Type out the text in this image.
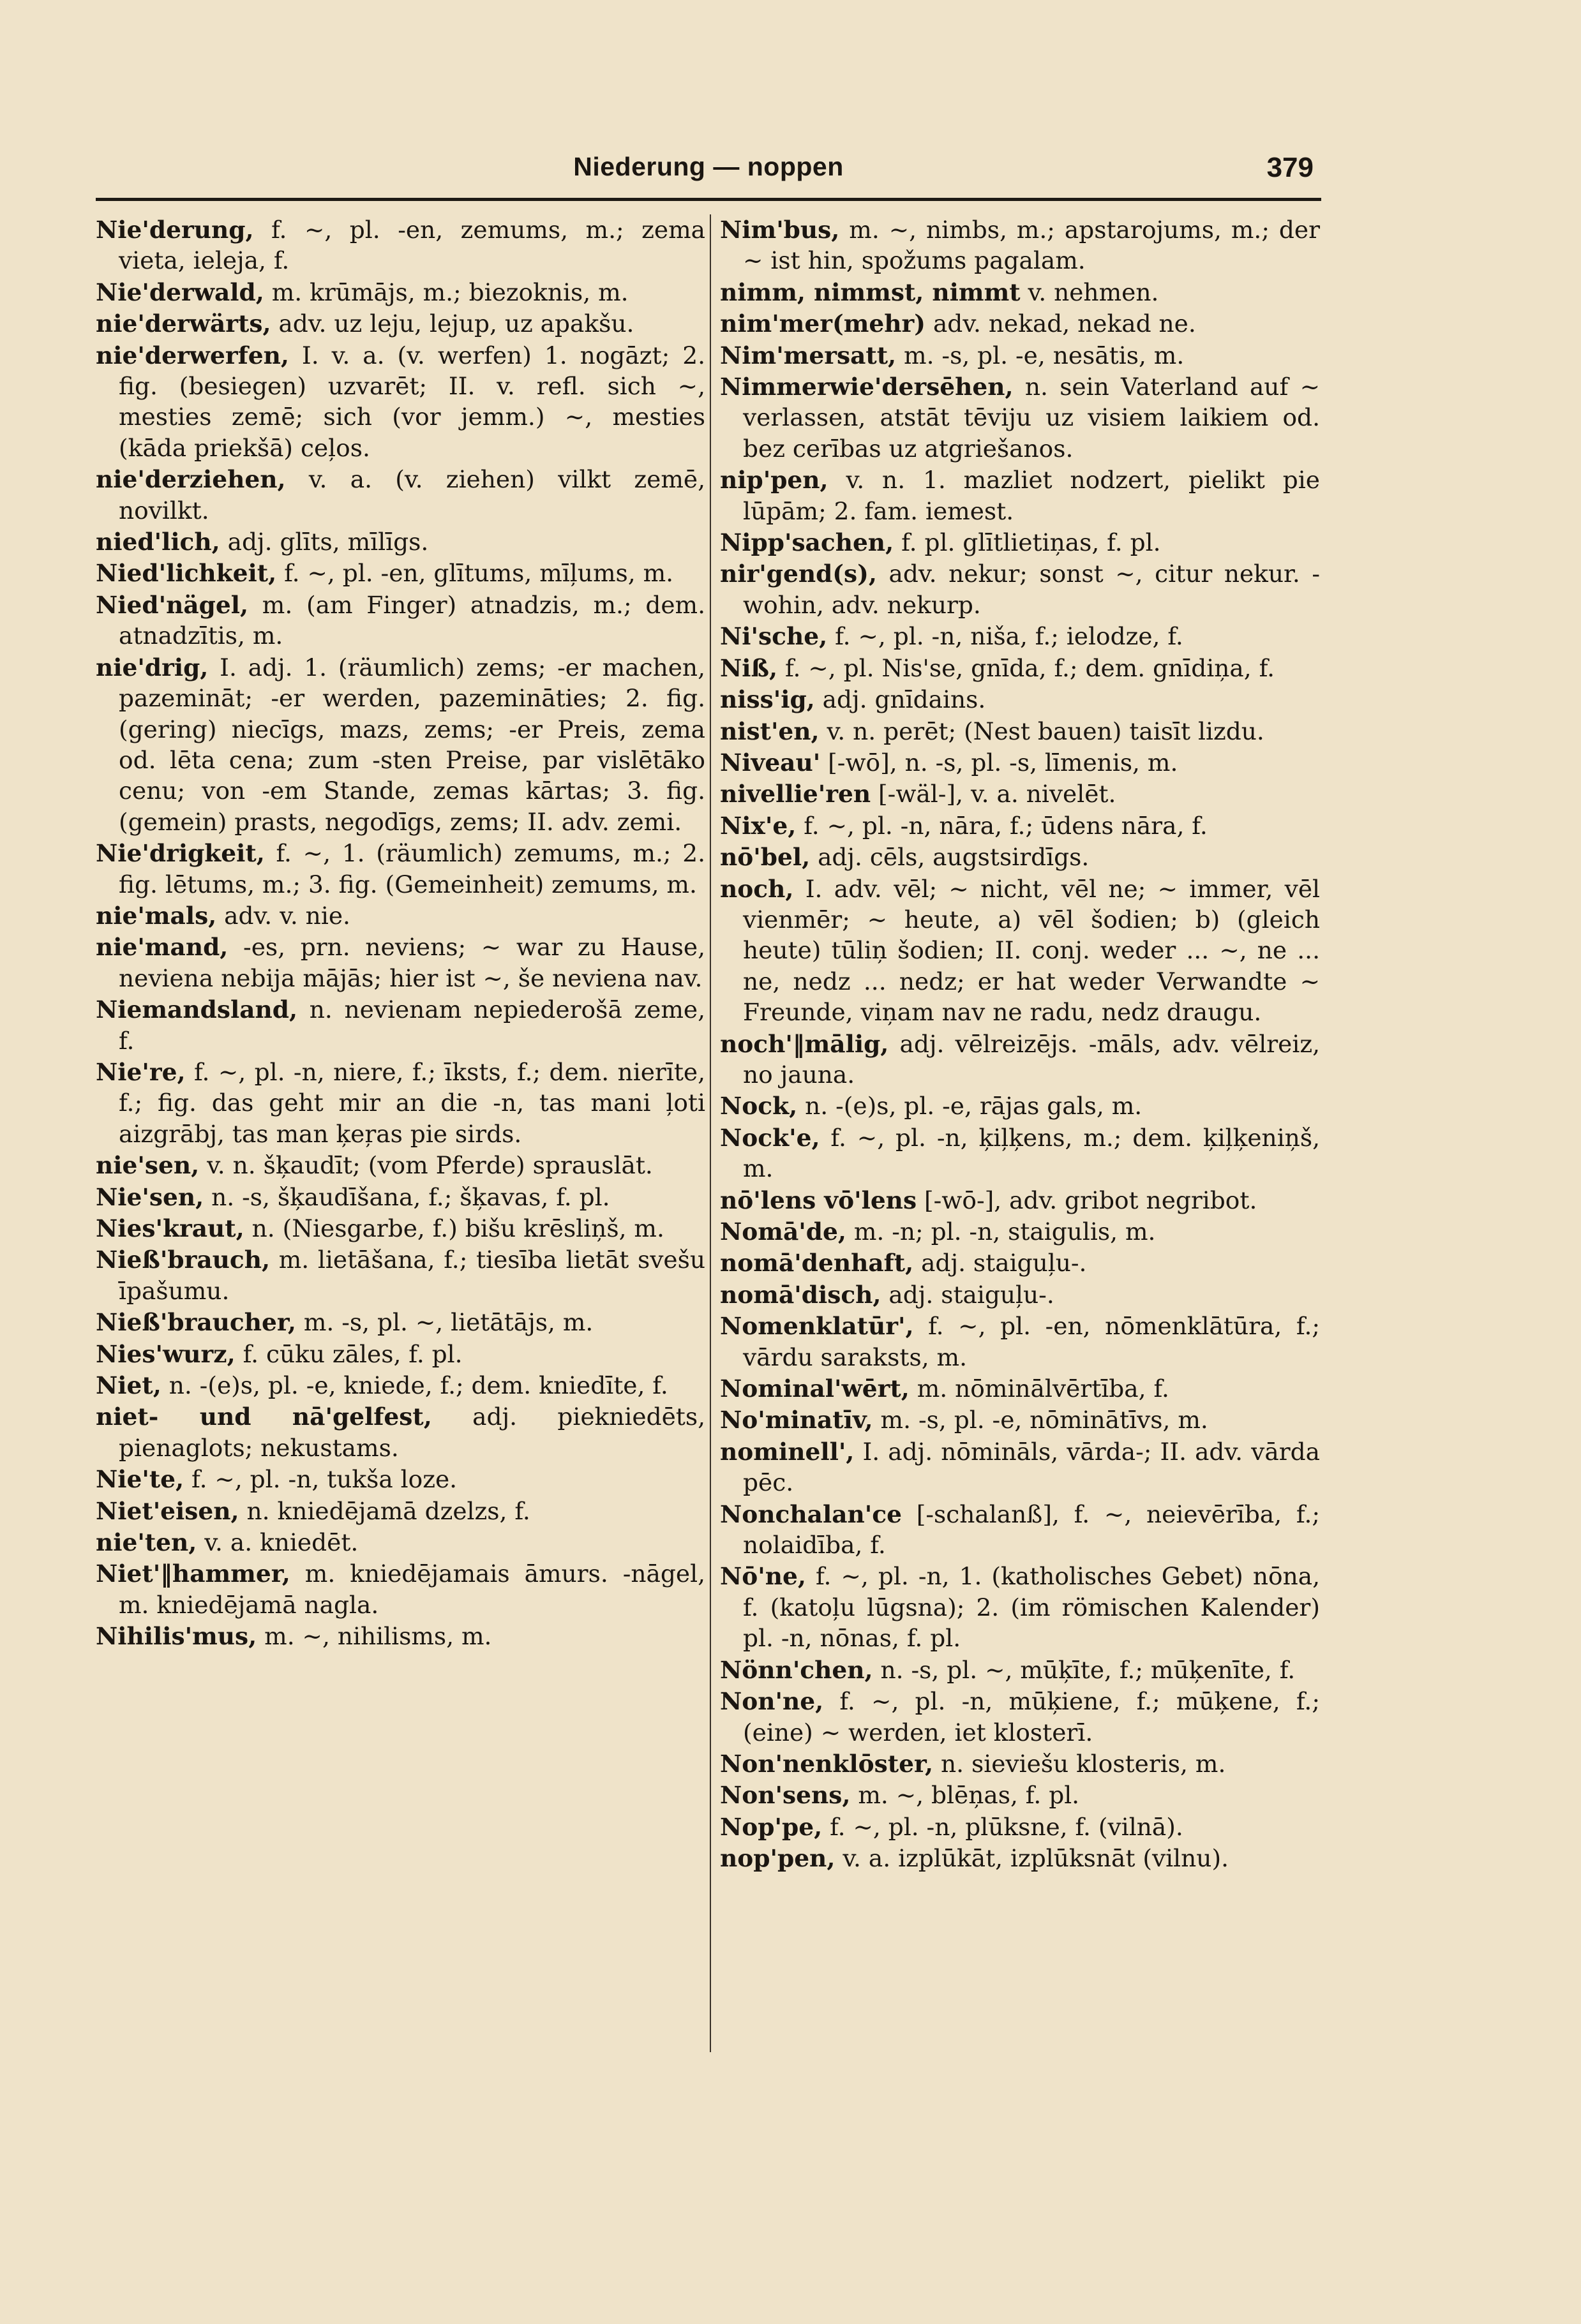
Niederung — noppen	379

Nie'derung, f. ~, pl. -en, zemums, m.; zema vieta, ieleja, f.

Nie'derwald, m. krūmājs, m.; biezoknis, m.

nie'derwärts, adv. uz leju, lejup, uz apakšu.

nie'derwerfen, I. v. a. (v. werfen) 1. nogāzt; 2. fig. (besiegen) uzvarēt; II. v. refl. sich ~, mesties zemē; sich (vor jemm.) ~, mesties (kāda priekšā) ceļos.

nie'derziehen, v. a. (v. ziehen) vilkt zemē, novilkt.

nied'lich, adj. glīts, mīlīgs.

Nied'lichkeit, f. ~, pl. -en, glītums, mīļums, m.

Nied'nägel, m. (am Finger) atnadzis, m.; dem. atnadzītis, m.

nie'drig, I. adj. 1. (räumlich) zems; -er machen, pazemināt; -er werden, pazemināties; 2. fig. (gering) niecīgs, mazs, zems; -er Preis, zema od. lēta cena; zum -sten Preise, par vislētāko cenu; von -em Stande, zemas kārtas; 3. fig. (gemein) prasts, negodīgs, zems; II. adv. zemi.

Nie'drigkeit, f. ~, 1. (räumlich) zemums, m.; 2. fig. lētums, m.; 3. fig. (Gemeinheit) zemums, m.

nie'mals, adv. v. nie.

nie'mand, -es, prn. neviens; ~ war zu Hause, neviena nebija mājās; hier ist ~, še neviena nav.

Niemandsland, n. nevienam nepiederošā zeme, f.

Nie're, f. ~, pl. -n, niere, f.; īksts, f.; dem. nierīte, f.; fig. das geht mir an die -n, tas mani ļoti aizgrābj, tas man ķeŗas pie sirds.

nie'sen, v. n. šķaudīt; (vom Pferde) sprauslāt.

Nie'sen, n. -s, šķaudīšana, f.; šķavas, f. pl.

Nies'kraut, n. (Niesgarbe, f.) bišu krēsliņš, m.

Nieß'brauch, m. lietāšana, f.; tiesība lietāt svešu īpašumu.

Nieß'braucher, m. -s, pl. ~, lietātājs, m.

Nies'wurz, f. cūku zāles, f. pl.

Niet, n. -(e)s, pl. -e, kniede, f.; dem. kniedīte, f.

niet- und nā'gelfest, adj. piekniedēts, pienaglots; nekustams.

Nie'te, f. ~, pl. -n, tukša loze.

Niet'eisen, n. kniedējamā dzelzs, f.

nie'ten, v. a. kniedēt.

Niet'‖hammer, m. kniedējamais āmurs. -nāgel, m. kniedējamā nagla.

Nihilis'mus, m. ~, nihilisms, m.

Nim'bus, m. ~, nimbs, m.; apstarojums, m.; der ~ ist hin, spožums pagalam.

nimm, nimmst, nimmt v. nehmen.

nim'mer(mehr) adv. nekad, nekad ne.

Nim'mersatt, m. -s, pl. -e, nesātis, m.

Nimmerwie'dersēhen, n. sein Vaterland auf ~ verlassen, atstāt tēviju uz visiem laikiem od. bez cerības uz atgriešanos.

nip'pen, v. n. 1. mazliet nodzert, pielikt pie lūpām; 2. fam. iemest.

Nipp'sachen, f. pl. glītlietiņas, f. pl.

nir'gend(s), adv. nekur; sonst ~, citur nekur. -wohin, adv. nekurp.

Ni'sche, f. ~, pl. -n, niša, f.; ielodze, f.

Niß, f. ~, pl. Nis'se, gnīda, f.; dem. gnīdiņa, f.

niss'ig, adj. gnīdains.

nist'en, v. n. perēt; (Nest bauen) taisīt lizdu.

Niveau' [-wō], n. -s, pl. -s, līmenis, m.

nivellie'ren [-wäl-], v. a. nivelēt.

Nix'e, f. ~, pl. -n, nāra, f.; ūdens nāra, f.

nō'bel, adj. cēls, augstsirdīgs.

noch, I. adv. vēl; ~ nicht, vēl ne; ~ immer, vēl vienmēr; ~ heute, a) vēl šodien; b) (gleich heute) tūliņ šodien; II. conj. weder ... ~, ne ... ne, nedz ... nedz; er hat weder Verwandte ~ Freunde, viņam nav ne radu, nedz draugu.

noch'‖mālig, adj. vēlreizējs. -māls, adv. vēlreiz, no jauna.

Nock, n. -(e)s, pl. -e, rājas gals, m.

Nock'e, f. ~, pl. -n, ķiļķens, m.; dem. ķiļķeniņš, m.

nō'lens vō'lens [-wō-], adv. gribot negribot.

Nomā'de, m. -n; pl. -n, staigulis, m.

nomā'denhaft, adj. staiguļu-.

nomā'disch, adj. staiguļu-.

Nomenklatūr', f. ~, pl. -en, nōmenklātūra, f.; vārdu saraksts, m.

Nominal'wērt, m. nōminālvērtība, f.

No'minatīv, m. -s, pl. -e, nōminātīvs, m.

nominell', I. adj. nōmināls, vārda-; II. adv. vārda pēc.

Nonchalan'ce [-schalanß], f. ~, neievērība, f.; nolaidība, f.

Nō'ne, f. ~, pl. -n, 1. (katholisches Gebet) nōna, f. (katoļu lūgsna); 2. (im römischen Kalender) pl. -n, nōnas, f. pl.

Nönn'chen, n. -s, pl. ~, mūķīte, f.; mūķenīte, f.

Non'ne, f. ~, pl. -n, mūķiene, f.; mūķene, f.; (eine) ~ werden, iet klosterī.

Non'nenklōster, n. sieviešu klosteris, m.

Non'sens, m. ~, blēņas, f. pl.

Nop'pe, f. ~, pl. -n, plūksne, f. (vilnā).

nop'pen, v. a. izplūkāt, izplūksnāt (vilnu).
